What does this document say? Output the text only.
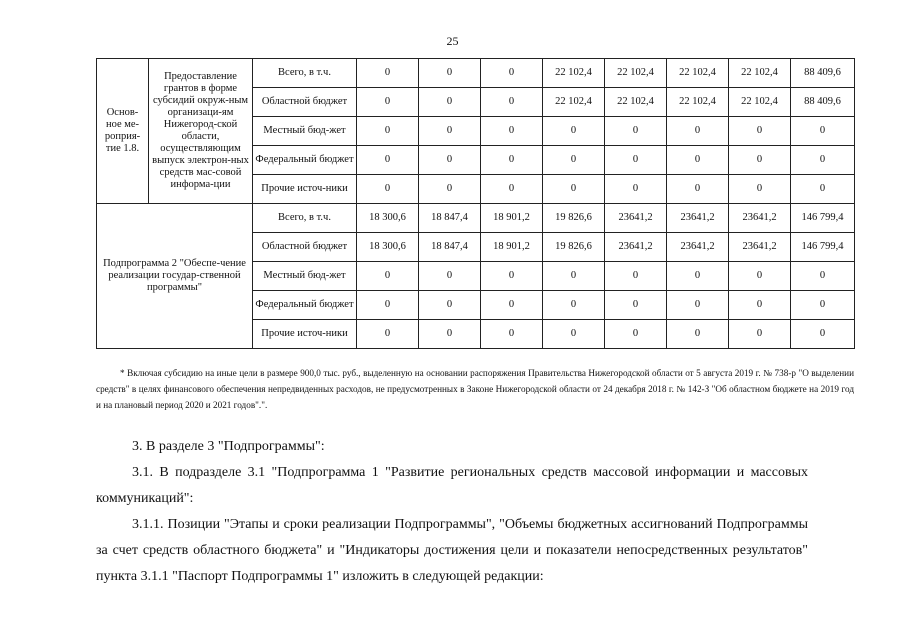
25
Основ-ное ме-роприя-тие 1.8.	Предоставление грантов в форме субсидий окруж-ным организаци-ям Нижегород-ской области, осуществляющим выпуск электрон-ных средств мас-совой информа-ции	Всего, в т.ч.	0	0	0	22 102,4	22 102,4	22 102,4	22 102,4	88 409,6
		Областной бюджет	0	0	0	22 102,4	22 102,4	22 102,4	22 102,4	88 409,6
		Местный бюд-жет	0	0	0	0	0	0	0	0
		Федеральный бюджет	0	0	0	0	0	0	0	0
		Прочие источ-ники	0	0	0	0	0	0	0	0
Подпрограмма 2 "Обеспе-чение реализации государ-ственной программы"		Всего, в т.ч.	18 300,6	18 847,4	18 901,2	19 826,6	23641,2	23641,2	23641,2	146 799,4
		Областной бюджет	18 300,6	18 847,4	18 901,2	19 826,6	23641,2	23641,2	23641,2	146 799,4
		Местный бюд-жет	0	0	0	0	0	0	0	0
		Федеральный бюджет	0	0	0	0	0	0	0	0
		Прочие источ-ники	0	0	0	0	0	0	0	0
* Включая субсидию на иные цели в размере 900,0 тыс. руб., выделенную на основании распоряжения Правительства Нижегородской области от 5 августа 2019 г. № 738-р "О выделении средств" в целях финансового обеспечения непредвиденных расходов, не предусмотренных в Законе Нижегородской области от 24 декабря 2018 г. № 142-З "Об областном бюджете на 2019 год и на плановый период 2020 и 2021 годов".".
3. В разделе 3 "Подпрограммы":
3.1. В подразделе 3.1 "Подпрограмма 1 "Развитие региональных средств массовой информации и массовых коммуникаций":
3.1.1. Позиции "Этапы и сроки реализации Подпрограммы", "Объемы бюджетных ассигнований Подпрограммы за счет средств областного бюджета" и "Индикаторы достижения цели и показатели непосредственных результатов" пункта 3.1.1 "Паспорт Подпрограммы 1" изложить в следующей редакции:
